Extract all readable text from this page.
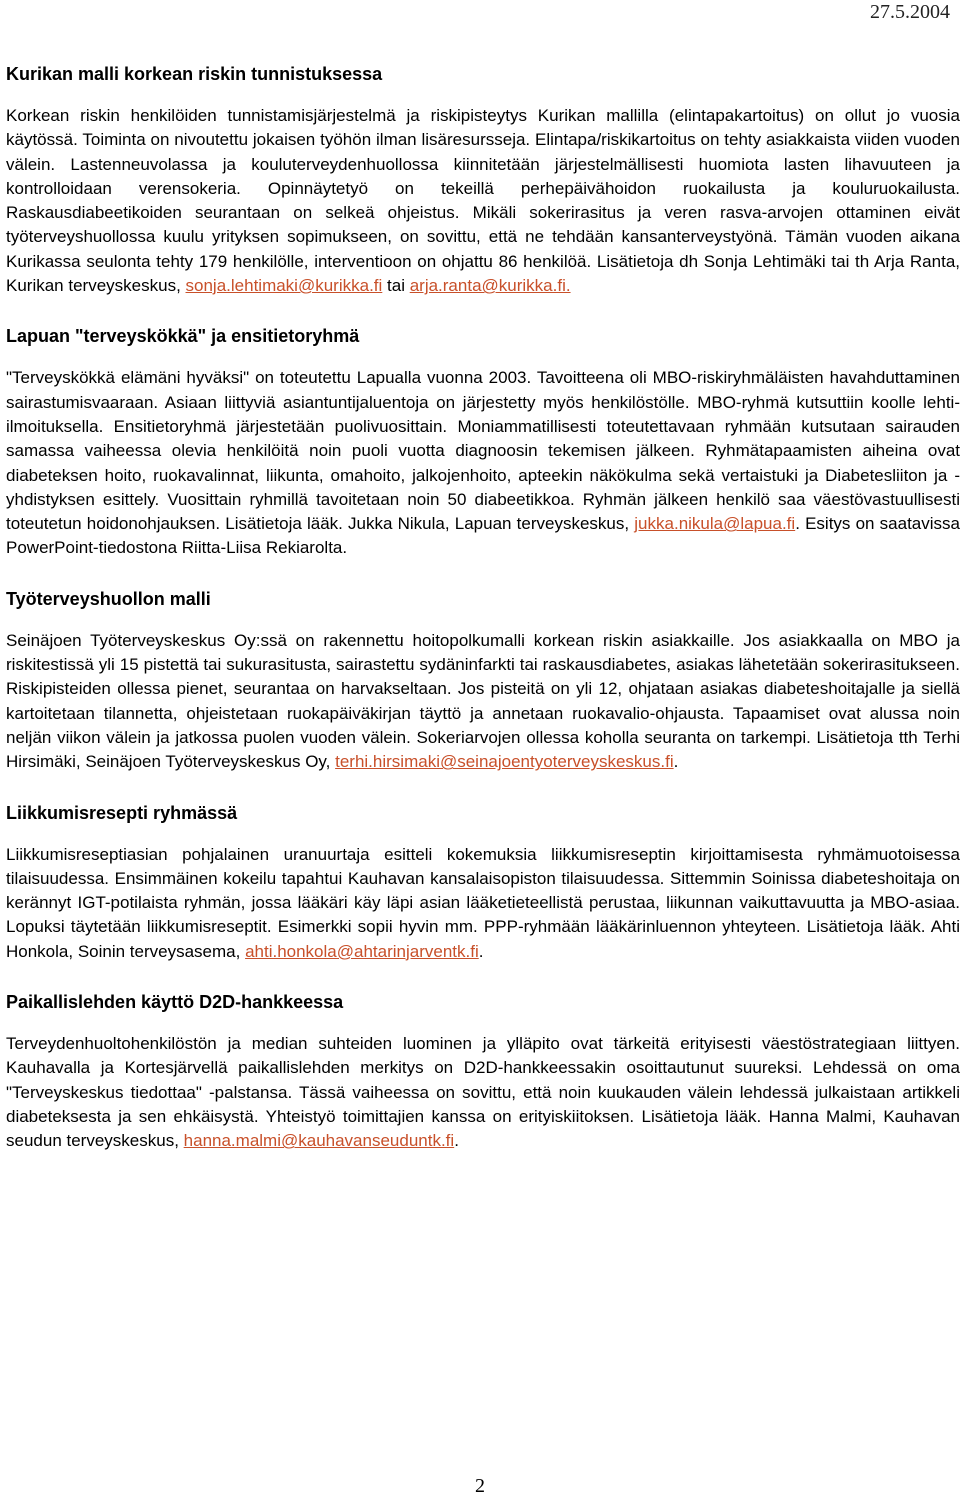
27.5.2004
Kurikan malli korkean riskin tunnistuksessa

Korkean riskin henkilöiden tunnistamisjärjestelmä ja riskipisteytys Kurikan mallilla (elintapakartoitus) on ollut jo vuosia käytössä. Toiminta on nivoutettu jokaisen työhön ilman lisäresursseja. Elintapa/riskikartoitus on tehty asiakkaista viiden vuoden välein. Lastenneuvolassa ja kouluterveydenhuollossa kiinnitetään järjestelmällisesti huomiota lasten lihavuuteen ja kontrolloidaan verensokeria. Opinnäytetyö on tekeillä perhepäivähoidon ruokailusta ja kouluruokailusta. Raskausdiabeetikoiden seurantaan on selkeä ohjeistus. Mikäli sokerirasitus ja veren rasva-arvojen ottaminen eivät työterveyshuollossa kuulu yrityksen sopimukseen, on sovittu, että ne tehdään kansanterveystyönä. Tämän vuoden aikana Kurikassa seulonta tehty 179 henkilölle, interventioon on ohjattu 86 henkilöä. Lisätietoja dh Sonja Lehtimäki tai th Arja Ranta, Kurikan terveyskeskus, sonja.lehtimaki@kurikka.fi tai arja.ranta@kurikka.fi.

Lapuan "terveyskökkä" ja ensitietoryhmä

"Terveyskökkä elämäni hyväksi" on toteutettu Lapualla vuonna 2003. Tavoitteena oli MBO-riskiryhmäläisten havahduttaminen sairastumisvaaraan. Asiaan liittyviä asiantuntijaluentoja on järjestetty myös henkilöstölle. MBO-ryhmä kutsuttiin koolle lehti-ilmoituksella. Ensitietoryhmä järjestetään puolivuosittain. Moniammatillisesti toteutettavaan ryhmään kutsutaan sairauden samassa vaiheessa olevia henkilöitä noin puoli vuotta diagnoosin tekemisen jälkeen. Ryhmätapaamisten aiheina ovat diabeteksen hoito, ruokavalinnat, liikunta, omahoito, jalkojenhoito, apteekin näkökulma sekä vertaistuki ja Diabetesliiton ja -yhdistyksen esittely. Vuosittain ryhmillä tavoitetaan noin 50 diabeetikkoa. Ryhmän jälkeen henkilö saa väestövastuullisesti toteutetun hoidonohjauksen. Lisätietoja lääk. Jukka Nikula, Lapuan terveyskeskus, jukka.nikula@lapua.fi. Esitys on saatavissa PowerPoint-tiedostona Riitta-Liisa Rekiarolta.

Työterveyshuollon malli

Seinäjoen Työterveyskeskus Oy:ssä on rakennettu hoitopolkumalli korkean riskin asiakkaille. Jos asiakkaalla on MBO ja riskitestissä yli 15 pistettä tai sukurasitusta, sairastettu sydäninfarkti tai raskausdiabetes, asiakas lähetetään sokerirasitukseen. Riskipisteiden ollessa pienet, seurantaa on harvakseltaan. Jos pisteitä on yli 12, ohjataan asiakas diabeteshoitajalle ja siellä kartoitetaan tilannetta, ohjeistetaan ruokapäiväkirjan täyttö ja annetaan ruokavalio-ohjausta. Tapaamiset ovat alussa noin neljän viikon välein ja jatkossa puolen vuoden välein. Sokeriarvojen ollessa koholla seuranta on tarkempi. Lisätietoja tth Terhi Hirsimäki, Seinäjoen Työterveyskeskus Oy, terhi.hirsimaki@seinajoentyoterveyskeskus.fi.

Liikkumisresepti ryhmässä

Liikkumisreseptiasian pohjalainen uranuurtaja esitteli kokemuksia liikkumisreseptin kirjoittamisesta ryhmämuotoisessa tilaisuudessa. Ensimmäinen kokeilu tapahtui Kauhavan kansalaisopiston tilaisuudessa. Sittemmin Soinissa diabeteshoitaja on kerännyt IGT-potilaista ryhmän, jossa lääkäri käy läpi asian lääketieteellistä perustaa, liikunnan vaikuttavuutta ja MBO-asiaa. Lopuksi täytetään liikkumisreseptit. Esimerkki sopii hyvin mm. PPP-ryhmään lääkärinluennon yhteyteen. Lisätietoja lääk. Ahti Honkola, Soinin terveysasema, ahti.honkola@ahtarinjarventk.fi.

Paikallislehden käyttö D2D-hankkeessa

Terveydenhuoltohenkilöstön ja median suhteiden luominen ja ylläpito ovat tärkeitä erityisesti väestöstrategiaan liittyen. Kauhavalla ja Kortesjärvellä paikallislehden merkitys on D2D-hankkeessakin osoittautunut suureksi. Lehdessä on oma "Terveyskeskus tiedottaa" -palstansa. Tässä vaiheessa on sovittu, että noin kuukauden välein lehdessä julkaistaan artikkeli diabeteksesta ja sen ehkäisystä. Yhteistyö toimittajien kanssa on erityiskiitoksen. Lisätietoja lääk. Hanna Malmi, Kauhavan seudun terveyskeskus, hanna.malmi@kauhavanseuduntk.fi.

2
